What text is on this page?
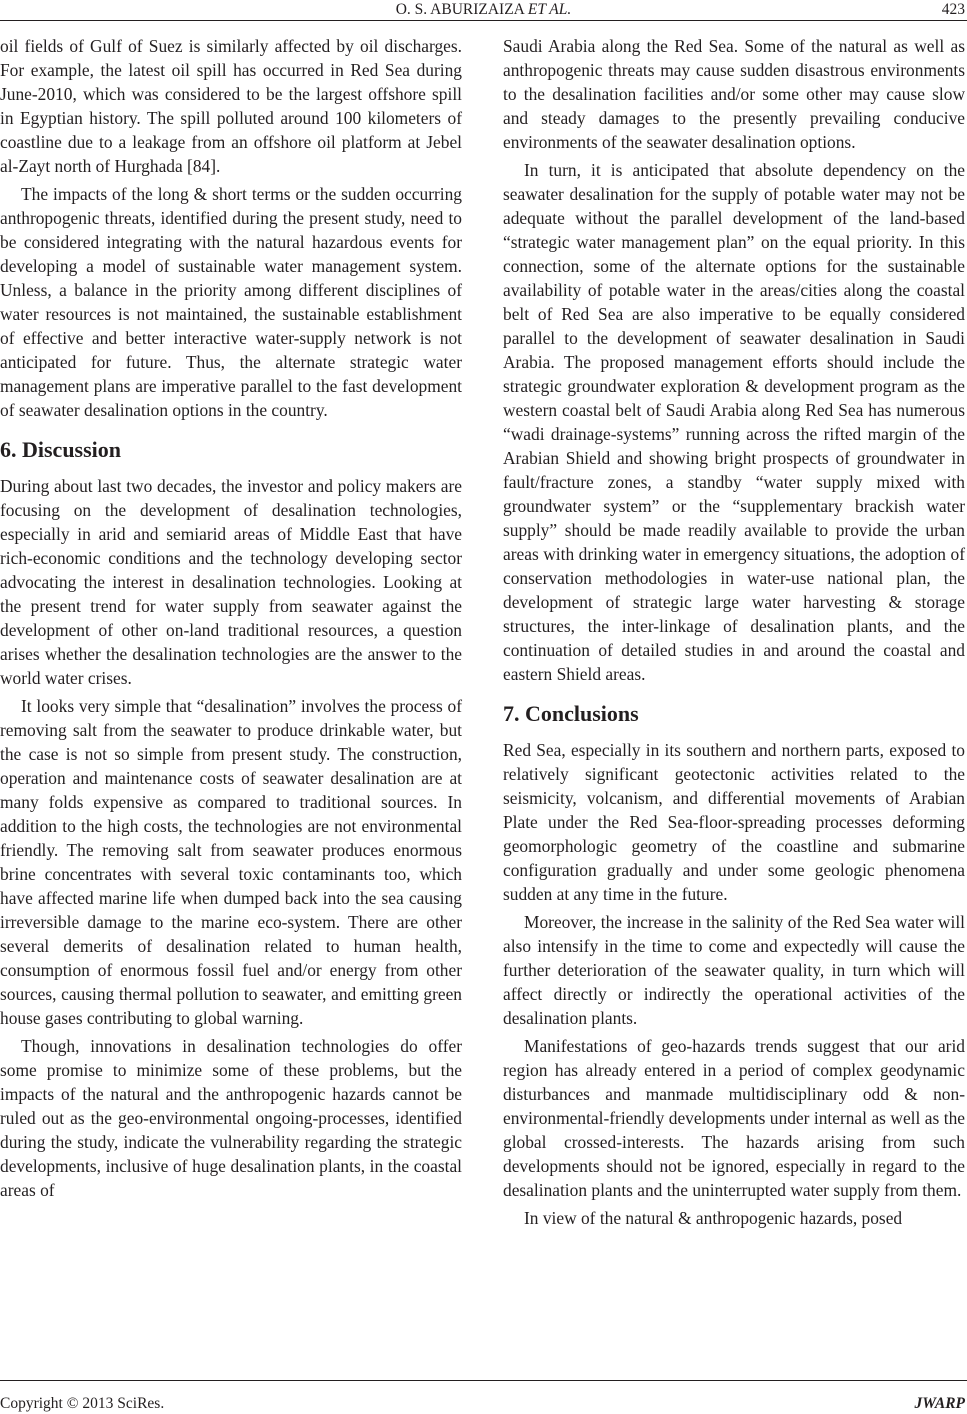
O. S. ABURIZAIZA ET AL.	423

oil fields of Gulf of Suez is similarly affected by oil discharges. For example, the latest oil spill has occurred in Red Sea during June-2010, which was considered to be the largest offshore spill in Egyptian history. The spill polluted around 100 kilometers of coastline due to a leakage from an offshore oil platform at Jebel al-Zayt north of Hurghada [84].

The impacts of the long & short terms or the sudden occurring anthropogenic threats, identified during the present study, need to be considered integrating with the natural hazardous events for developing a model of sustainable water management system. Unless, a balance in the priority among different disciplines of water resources is not maintained, the sustainable establishment of effective and better interactive water-supply network is not anticipated for future. Thus, the alternate strategic water management plans are imperative parallel to the fast development of seawater desalination options in the country.

6. Discussion

During about last two decades, the investor and policy makers are focusing on the development of desalination technologies, especially in arid and semiarid areas of Middle East that have rich-economic conditions and the technology developing sector advocating the interest in desalination technologies. Looking at the present trend for water supply from seawater against the development of other on-land traditional resources, a question arises whether the desalination technologies are the answer to the world water crises.

It looks very simple that “desalination” involves the process of removing salt from the seawater to produce drinkable water, but the case is not so simple from present study. The construction, operation and maintenance costs of seawater desalination are at many folds expensive as compared to traditional sources. In addition to the high costs, the technologies are not environmental friendly. The removing salt from seawater produces enormous brine concentrates with several toxic contaminants too, which have affected marine life when dumped back into the sea causing irreversible damage to the marine eco-system. There are other several demerits of desalination related to human health, consumption of enormous fossil fuel and/or energy from other sources, causing thermal pollution to seawater, and emitting green house gases contributing to global warning.

Though, innovations in desalination technologies do offer some promise to minimize some of these problems, but the impacts of the natural and the anthropogenic hazards cannot be ruled out as the geo-environmental ongoing-processes, identified during the study, indicate the vulnerability regarding the strategic developments, inclusive of huge desalination plants, in the coastal areas of

Saudi Arabia along the Red Sea. Some of the natural as well as anthropogenic threats may cause sudden disastrous environments to the desalination facilities and/or some other may cause slow and steady damages to the presently prevailing conducive environments of the seawater desalination options.

In turn, it is anticipated that absolute dependency on the seawater desalination for the supply of potable water may not be adequate without the parallel development of the land-based “strategic water management plan” on the equal priority. In this connection, some of the alternate options for the sustainable availability of potable water in the areas/cities along the coastal belt of Red Sea are also imperative to be equally considered parallel to the development of seawater desalination in Saudi Arabia. The proposed management efforts should include the strategic groundwater exploration & development program as the western coastal belt of Saudi Arabia along Red Sea has numerous “wadi drainage-systems” running across the rifted margin of the Arabian Shield and showing bright prospects of groundwater in fault/fracture zones, a standby “water supply mixed with groundwater system” or the “supplementary brackish water supply” should be made readily available to provide the urban areas with drinking water in emergency situations, the adoption of conservation methodologies in water-use national plan, the development of strategic large water harvesting & storage structures, the inter-linkage of desalination plants, and the continuation of detailed studies in and around the coastal and eastern Shield areas.

7. Conclusions

Red Sea, especially in its southern and northern parts, exposed to relatively significant geotectonic activities related to the seismicity, volcanism, and differential movements of Arabian Plate under the Red Sea-floor-spreading processes deforming geomorphologic geometry of the coastline and submarine configuration gradually and under some geologic phenomena sudden at any time in the future.

Moreover, the increase in the salinity of the Red Sea water will also intensify in the time to come and expectedly will cause the further deterioration of the seawater quality, in turn which will affect directly or indirectly the operational activities of the desalination plants.

Manifestations of geo-hazards trends suggest that our arid region has already entered in a period of complex geodynamic disturbances and manmade multidisciplinary odd & non-environmental-friendly developments under internal as well as the global crossed-interests. The hazards arising from such developments should not be ignored, especially in regard to the desalination plants and the uninterrupted water supply from them.

In view of the natural & anthropogenic hazards, posed

Copyright © 2013 SciRes.	JWARP
